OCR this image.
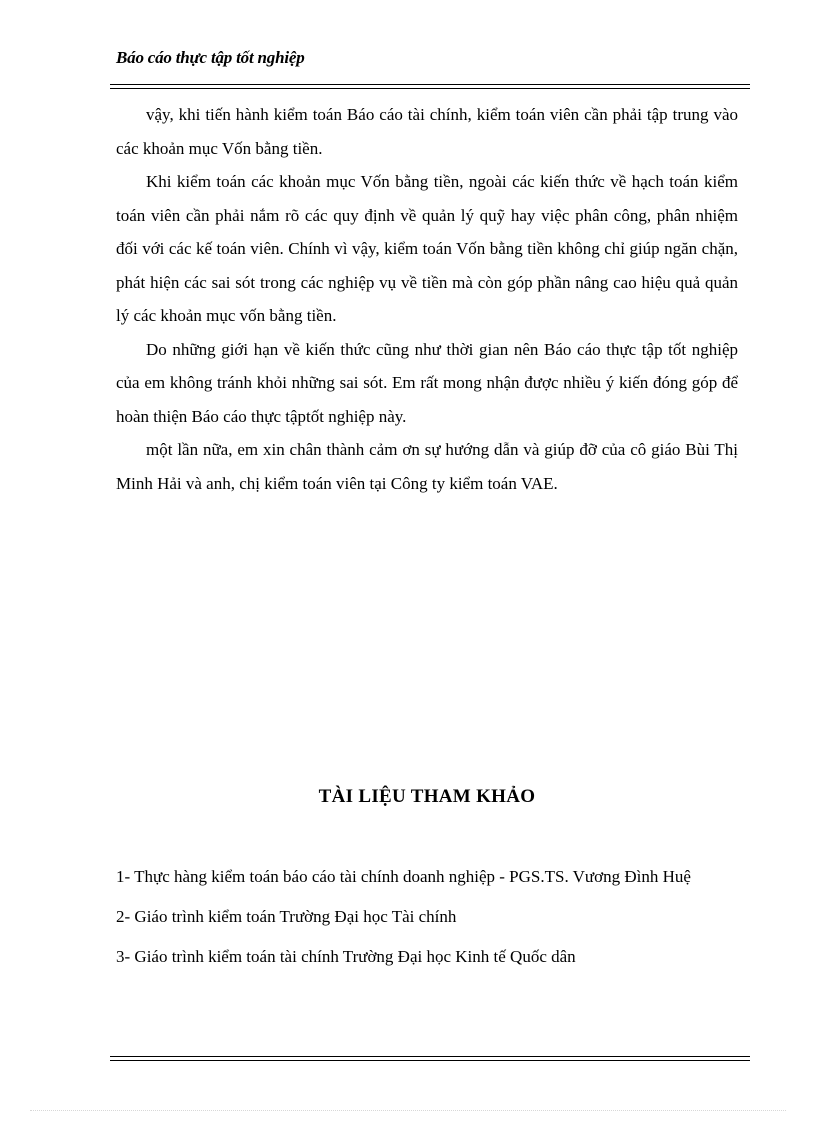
Báo cáo thực tập tốt nghiệp

vậy, khi tiến hành kiểm toán Báo cáo tài chính, kiểm toán viên cần phải tập trung vào các khoản mục Vốn bằng tiền.

Khi kiểm toán các khoản mục Vốn bằng tiền, ngoài các kiến thức về hạch toán kiểm toán viên cần phải nắm rõ các quy định về quản lý quỹ hay việc phân công, phân nhiệm đối với các kế toán viên. Chính vì vậy, kiểm toán Vốn bằng tiền không chỉ giúp ngăn chặn, phát hiện các sai sót trong các nghiệp vụ về tiền mà còn góp phần nâng cao hiệu quả quản lý các khoản mục vốn bằng tiền.

Do những giới hạn về kiến thức cũng như thời gian nên Báo cáo thực tập tốt nghiệp của em không tránh khỏi những sai sót. Em rất mong nhận được nhiều ý kiến đóng góp để hoàn thiện Báo cáo thực tậptốt nghiệp này.

một lần nữa, em xin chân thành cảm ơn sự hướng dẫn và giúp đỡ của cô giáo Bùi Thị Minh Hải và anh, chị kiểm toán viên tại Công ty kiểm toán VAE.

TÀI LIỆU THAM KHẢO
1- Thực hàng kiểm toán báo cáo tài chính doanh nghiệp - PGS.TS. Vương Đình Huệ
2- Giáo trình kiểm toán Trường Đại học Tài chính
3- Giáo trình kiểm toán tài chính Trường Đại học Kinh tế Quốc dân
